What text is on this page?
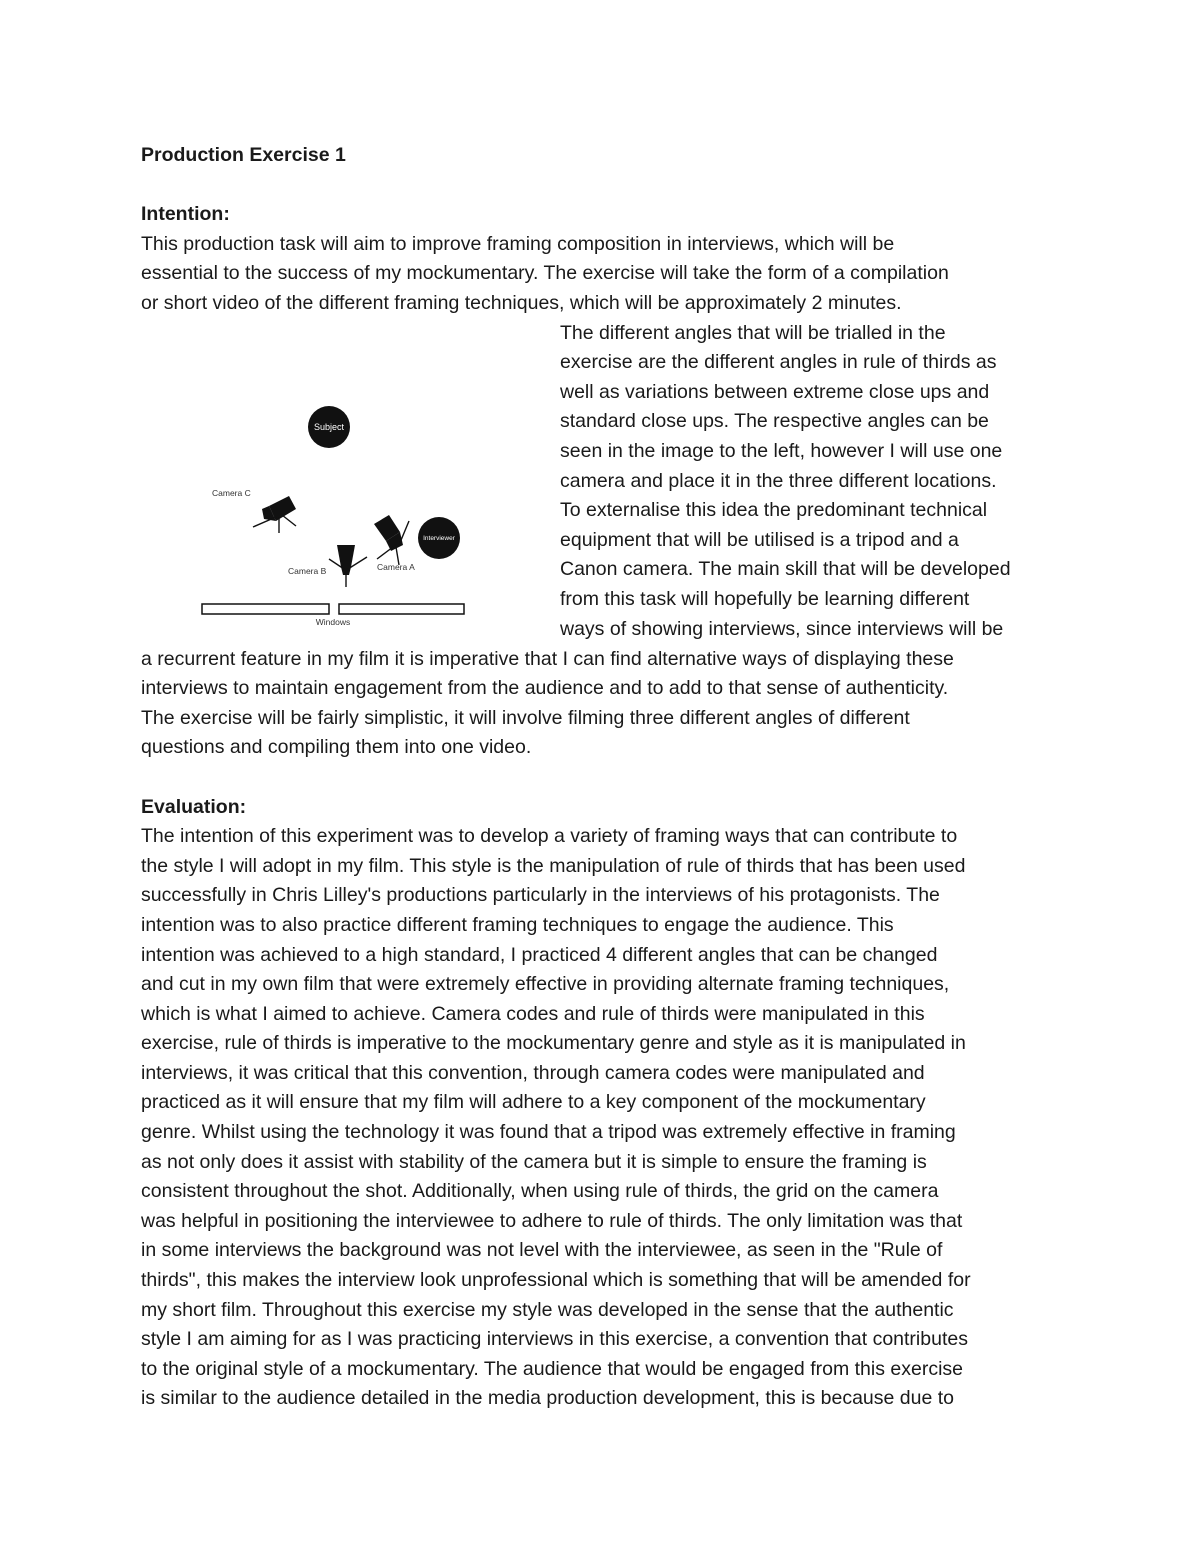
Production Exercise 1

Intention:

This production task will aim to improve framing composition in interviews, which will be

essential to the success of my mockumentary. The exercise will take the form of a compilation

or short video of the different framing techniques, which will be approximately 2 minutes.

Subject
Interviewer
Camera C
Camera A
Camera B
Windows

The different angles that will be trialled in the

exercise are the different angles in rule of thirds as

well as variations between extreme close ups and

standard close ups. The respective angles can be

seen in the image to the left, however I will use one

camera and place it in the three different locations.

To externalise this idea the predominant technical

equipment that will be utilised is a tripod and a

Canon camera. The main skill that will be developed

from this task will hopefully be learning different

ways of showing interviews, since interviews will be

a recurrent feature in my film it is imperative that I can find alternative ways of displaying these

interviews to maintain engagement from the audience and to add to that sense of authenticity.

The exercise will be fairly simplistic, it will involve filming three different angles of different

questions and compiling them into one video.

Evaluation:

The intention of this experiment was to develop a variety of framing ways that can contribute to

the style I will adopt in my film. This style is the manipulation of rule of thirds that has been used

successfully in Chris Lilley's productions particularly in the interviews of his protagonists. The

intention was to also practice different framing techniques to engage the audience. This

intention was achieved to a high standard, I practiced 4 different angles that can be changed

and cut in my own film that were extremely effective in providing alternate framing techniques,

which is what I aimed to achieve. Camera codes and rule of thirds were manipulated in this

exercise, rule of thirds is imperative to the mockumentary genre and style as it is manipulated in

interviews, it was critical that this convention, through camera codes were manipulated and

practiced as it will ensure that my film will adhere to a key component of the mockumentary

genre. Whilst using the technology it was found that a tripod was extremely effective in framing

as not only does it assist with stability of the camera but it is simple to ensure the framing is

consistent throughout the shot. Additionally, when using rule of thirds, the grid on the camera

was helpful in positioning the interviewee to adhere to rule of thirds. The only limitation was that

in some interviews the background was not level with the interviewee, as seen in the "Rule of

thirds", this makes the interview look unprofessional which is something that will be amended for

my short film. Throughout this exercise my style was developed in the sense that the authentic

style I am aiming for as I was practicing interviews in this exercise, a convention that contributes

to the original style of a mockumentary. The audience that would be engaged from this exercise

is similar to the audience detailed in the media production development, this is because due to
